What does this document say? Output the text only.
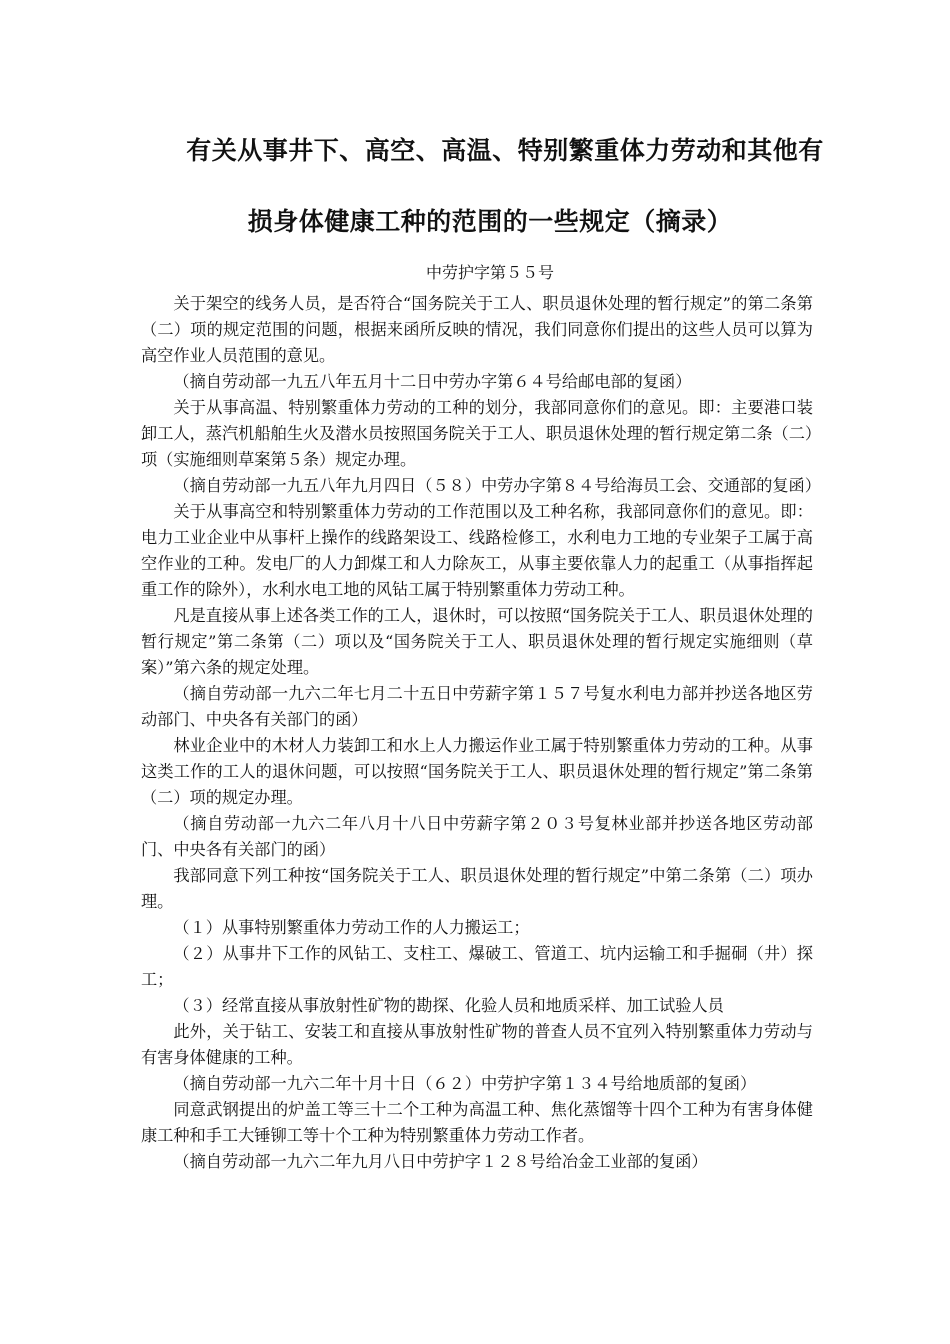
有关从事井下、高空、高温、特别繁重体力劳动和其他有
损身体健康工种的范围的一些规定（摘录）
中劳护字第５５号

关于架空的线务人员，是否符合“国务院关于工人、职员退休处理的暂行规定”的第二条第（二）项的规定范围的问题，根据来函所反映的情况，我们同意你们提出的这些人员可以算为高空作业人员范围的意见。

（摘自劳动部一九五八年五月十二日中劳办字第６４号给邮电部的复函）

关于从事高温、特别繁重体力劳动的工种的划分，我部同意你们的意见。即：主要港口装卸工人，蒸汽机船舶生火及潜水员按照国务院关于工人、职员退休处理的暂行规定第二条（二）项（实施细则草案第５条）规定办理。

（摘自劳动部一九五八年九月四日（５８）中劳办字第８４号给海员工会、交通部的复函）

关于从事高空和特别繁重体力劳动的工作范围以及工种名称，我部同意你们的意见。即：电力工业企业中从事杆上操作的线路架设工、线路检修工，水利电力工地的专业架子工属于高空作业的工种。发电厂的人力卸煤工和人力除灰工，从事主要依靠人力的起重工（从事指挥起重工作的除外），水利水电工地的风钻工属于特别繁重体力劳动工种。

凡是直接从事上述各类工作的工人，退休时，可以按照“国务院关于工人、职员退休处理的暂行规定”第二条第（二）项以及“国务院关于工人、职员退休处理的暂行规定实施细则（草案）”第六条的规定处理。

（摘自劳动部一九六二年七月二十五日中劳薪字第１５７号复水利电力部并抄送各地区劳动部门、中央各有关部门的函）

林业企业中的木材人力装卸工和水上人力搬运作业工属于特别繁重体力劳动的工种。从事这类工作的工人的退休问题，可以按照“国务院关于工人、职员退休处理的暂行规定”第二条第（二）项的规定办理。

（摘自劳动部一九六二年八月十八日中劳薪字第２０３号复林业部并抄送各地区劳动部门、中央各有关部门的函）

我部同意下列工种按“国务院关于工人、职员退休处理的暂行规定”中第二条第（二）项办理。

（１）从事特别繁重体力劳动工作的人力搬运工；

（２）从事井下工作的风钻工、支柱工、爆破工、管道工、坑内运输工和手掘硐（井）探工；

（３）经常直接从事放射性矿物的勘探、化验人员和地质采样、加工试验人员

此外，关于钻工、安装工和直接从事放射性矿物的普查人员不宜列入特别繁重体力劳动与有害身体健康的工种。

（摘自劳动部一九六二年十月十日（６２）中劳护字第１３４号给地质部的复函）

同意武钢提出的炉盖工等三十二个工种为高温工种、焦化蒸馏等十四个工种为有害身体健康工种和手工大锤铆工等十个工种为特别繁重体力劳动工作者。

（摘自劳动部一九六二年九月八日中劳护字１２８号给冶金工业部的复函）
